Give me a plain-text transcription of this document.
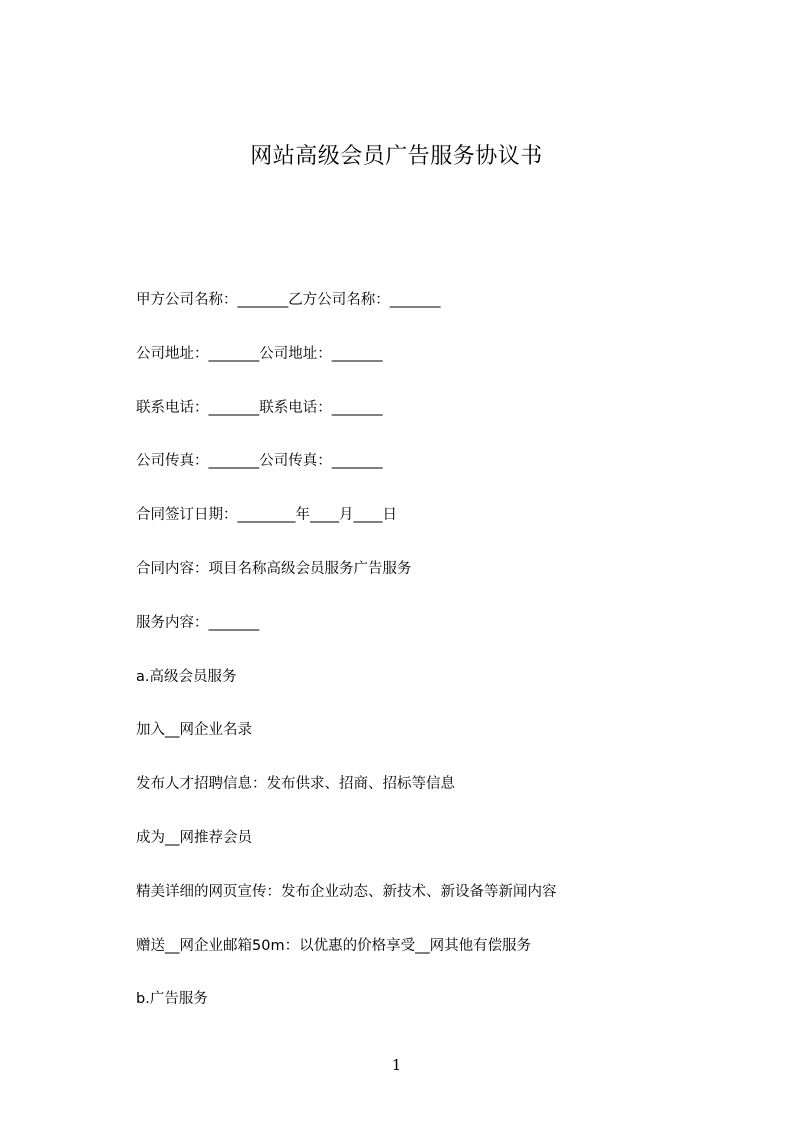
网站高级会员广告服务协议书
甲方公司名称：_______乙方公司名称：_______
公司地址：_______公司地址：_______
联系电话：_______联系电话：_______
公司传真：_______公司传真：_______
合同签订日期：________年____月____日
合同内容：项目名称高级会员服务广告服务
服务内容：_______
a.高级会员服务
加入__网企业名录
发布人才招聘信息：发布供求、招商、招标等信息
成为__网推荐会员
精美详细的网页宣传：发布企业动态、新技术、新设备等新闻内容
赠送__网企业邮箱50m：以优惠的价格享受__网其他有偿服务
b.广告服务
1
